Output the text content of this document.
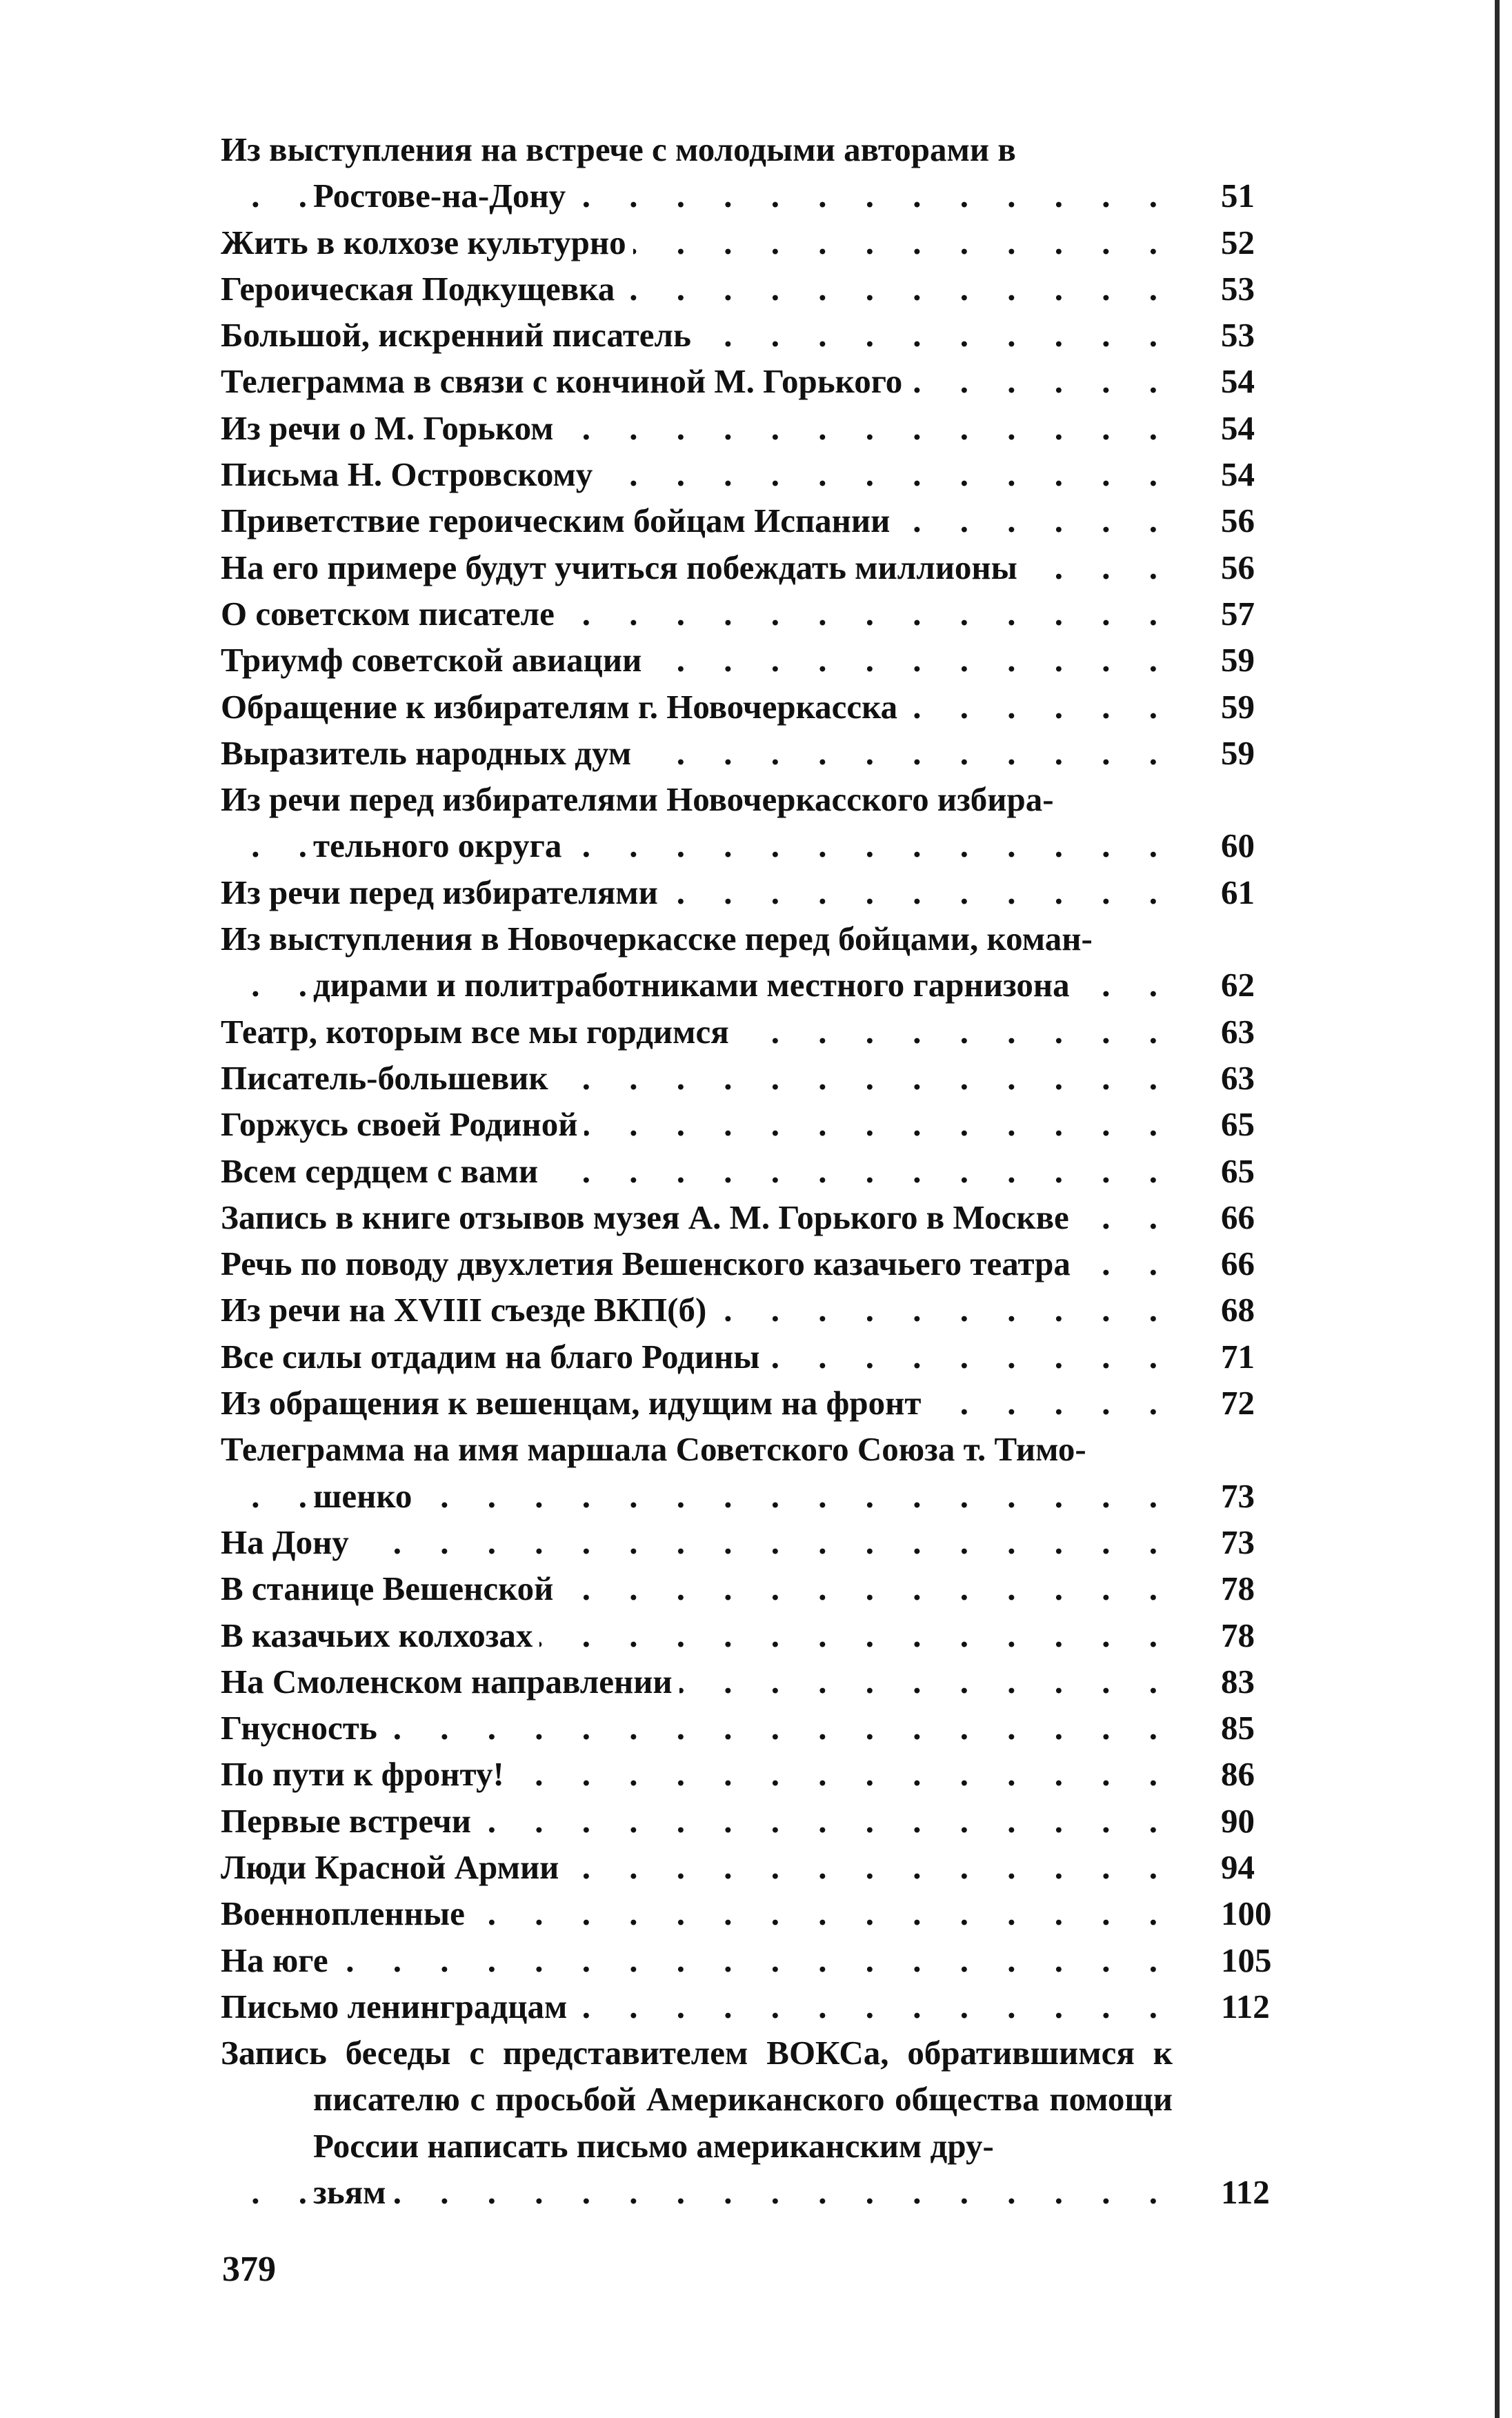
Из выступления на встрече с молодыми авторами в
Ростове-на-Дону . . .	51
Жить в колхозе культурно . . .	52
Героическая Подкущевка . . .	53
Большой, искренний писатель . . .	53
Телеграмма в связи с кончиной М. Горького . . .	54
Из речи о М. Горьком . . .	54
Письма Н. Островскому . . .	54
Приветствие героическим бойцам Испании . . .	56
На его примере будут учиться побеждать миллионы . . .	56
О советском писателе . . .	57
Триумф советской авиации . . .	59
Обращение к избирателям г. Новочеркасска . . .	59
Выразитель народных дум . . .	59
Из речи перед избирателями Новочеркасского избира-
тельного округа . . .	60
Из речи перед избирателями . . .	61
Из выступления в Новочеркасске перед бойцами, коман-
дирами и политработниками местного гарнизона . . .	62
Театр, которым все мы гордимся . . .	63
Писатель-большевик . . .	63
Горжусь своей Родиной . . .	65
Всем сердцем с вами . . .	65
Запись в книге отзывов музея А. М. Горького в Москве . . .	66
Речь по поводу двухлетия Вешенского казачьего театра . . .	66
Из речи на XVIII съезде ВКП(б) . . .	68
Все силы отдадим на благо Родины . . .	71
Из обращения к вешенцам, идущим на фронт . . .	72
Телеграмма на имя маршала Советского Союза т. Тимо-
шенко . . .	73
На Дону . . .	73
В станице Вешенской . . .	78
В казачьих колхозах . . .	78
На Смоленском направлении . . .	83
Гнусность . . .	85
По пути к фронту! . . .	86
Первые встречи . . .	90
Люди Красной Армии . . .	94
Военнопленные . . .	100
На юге . . .	105
Письмо ленинградцам . . .	112
Запись беседы с представителем ВОКСа, обратившимся к писателю с просьбой Американского общества помощи России написать письмо американским дру-
зьям . . .	112
379
